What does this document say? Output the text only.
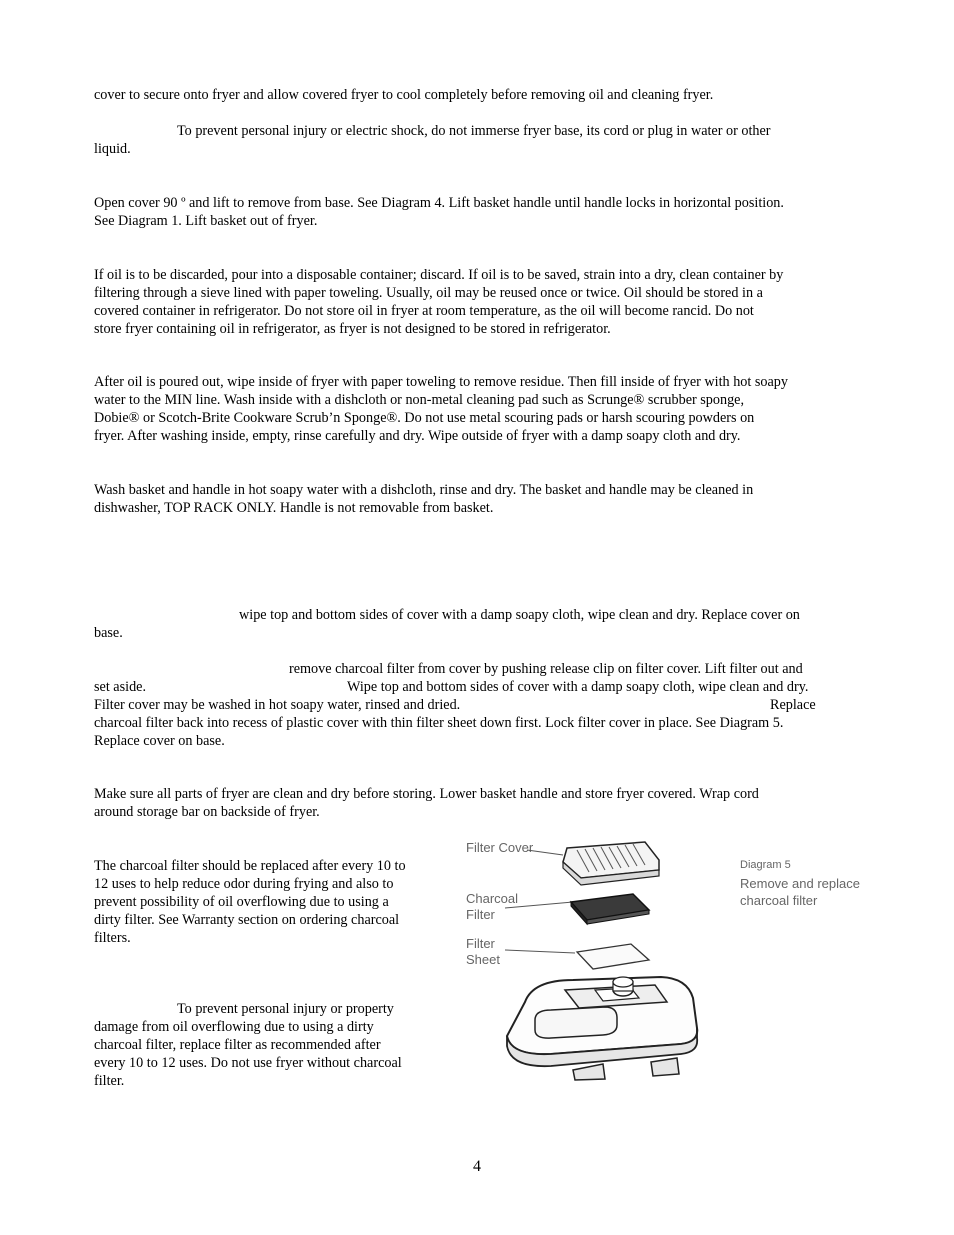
cover to secure onto fryer and allow covered fryer to cool completely before removing oil and cleaning fryer.

To prevent personal injury or electric shock, do not immerse fryer base, its cord or plug in water or other
liquid.

Open cover 90 º and lift to remove from base. See Diagram 4. Lift basket handle until handle locks in horizontal position.
See Diagram 1. Lift basket out of fryer.

If oil is to be discarded, pour into a disposable container; discard. If oil is to be saved, strain into a dry, clean container by
filtering through a sieve lined with paper toweling. Usually, oil may be reused once or twice. Oil should be stored in a
covered container in refrigerator. Do not store oil in fryer at room temperature, as the oil will become rancid. Do not
store fryer containing oil in refrigerator, as fryer is not designed to be stored in refrigerator.

After oil is poured out, wipe inside of fryer with paper toweling to remove residue. Then fill inside of fryer with hot soapy
water to the MIN line. Wash inside with a dishcloth or non-metal cleaning pad such as Scrunge® scrubber sponge,
Dobie® or Scotch-Brite Cookware Scrub’n Sponge®. Do not use metal scouring pads or harsh scouring powders on
fryer. After washing inside, empty, rinse carefully and dry. Wipe outside of fryer with a damp soapy cloth and dry.

Wash basket and handle in hot soapy water with a dishcloth, rinse and dry. The basket and handle may be cleaned in
dishwasher, TOP RACK ONLY. Handle is not removable from basket.

wipe top and bottom sides of cover with a damp soapy cloth, wipe clean and dry. Replace cover on
base.

remove charcoal filter from cover by pushing release clip on filter cover. Lift filter out and
set aside.	Wipe top and bottom sides of cover with a damp soapy cloth, wipe clean and dry.
Filter cover may be washed in hot soapy water, rinsed and dried.	Replace
charcoal filter back into recess of plastic cover with thin filter sheet down first. Lock filter cover in place. See Diagram 5.
Replace cover on base.

Make sure all parts of fryer are clean and dry before storing. Lower basket handle and store fryer covered. Wrap cord
around storage bar on backside of fryer.

The charcoal filter should be replaced after every 10 to
12 uses to help reduce odor during frying and also to
prevent possibility of oil overflowing due to using a
dirty filter. See Warranty section on ordering charcoal
filters.

To prevent personal injury or property
damage from oil overflowing due to using a dirty
charcoal filter, replace filter as recommended after
every 10 to 12 uses. Do not use fryer without charcoal
filter.

Filter Cover
Charcoal
Filter
Filter
Sheet
Diagram 5
Remove and replace
charcoal filter
4
